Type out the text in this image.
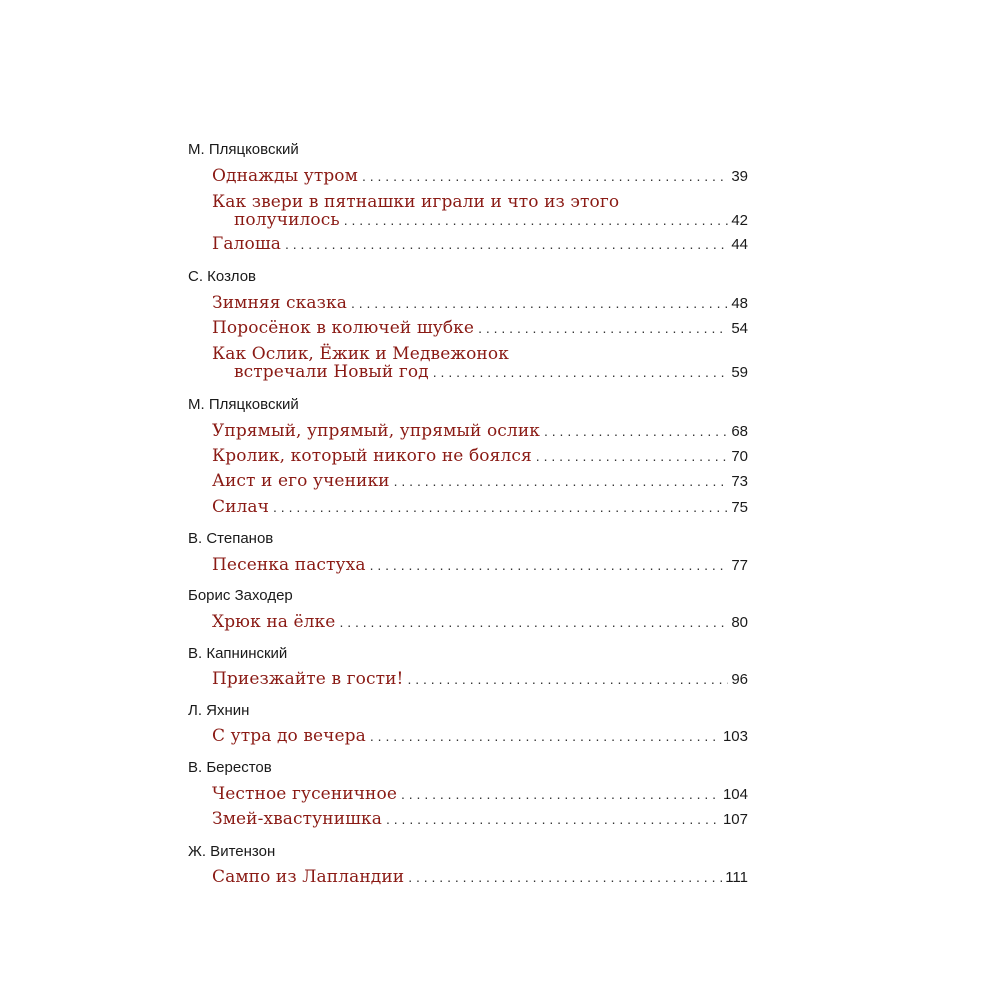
М. Пляцковский
Однажды утром . . .	39
Как звери в пятнашки играли и что из этого
получилось . . .	42
Галоша . . .	44
С. Козлов
Зимняя сказка . . .	48
Поросёнок в колючей шубке . . .	54
Как Ослик, Ёжик и Медвежонок
встречали Новый год . . .	59
М. Пляцковский
Упрямый, упрямый, упрямый ослик . . .	68
Кролик, который никого не боялся . . .	70
Аист и его ученики . . .	73
Силач . . .	75
В. Степанов
Песенка пастуха . . .	77
Борис Заходер
Хрюк на ёлке . . .	80
В. Капнинский
Приезжайте в гости! . . .	96
Л. Яхнин
С утра до вечера . . .	103
В. Берестов
Честное гусеничное . . .	104
Змей-хвастунишка . . .	107
Ж. Витензон
Сампо из Лапландии . . .	111
